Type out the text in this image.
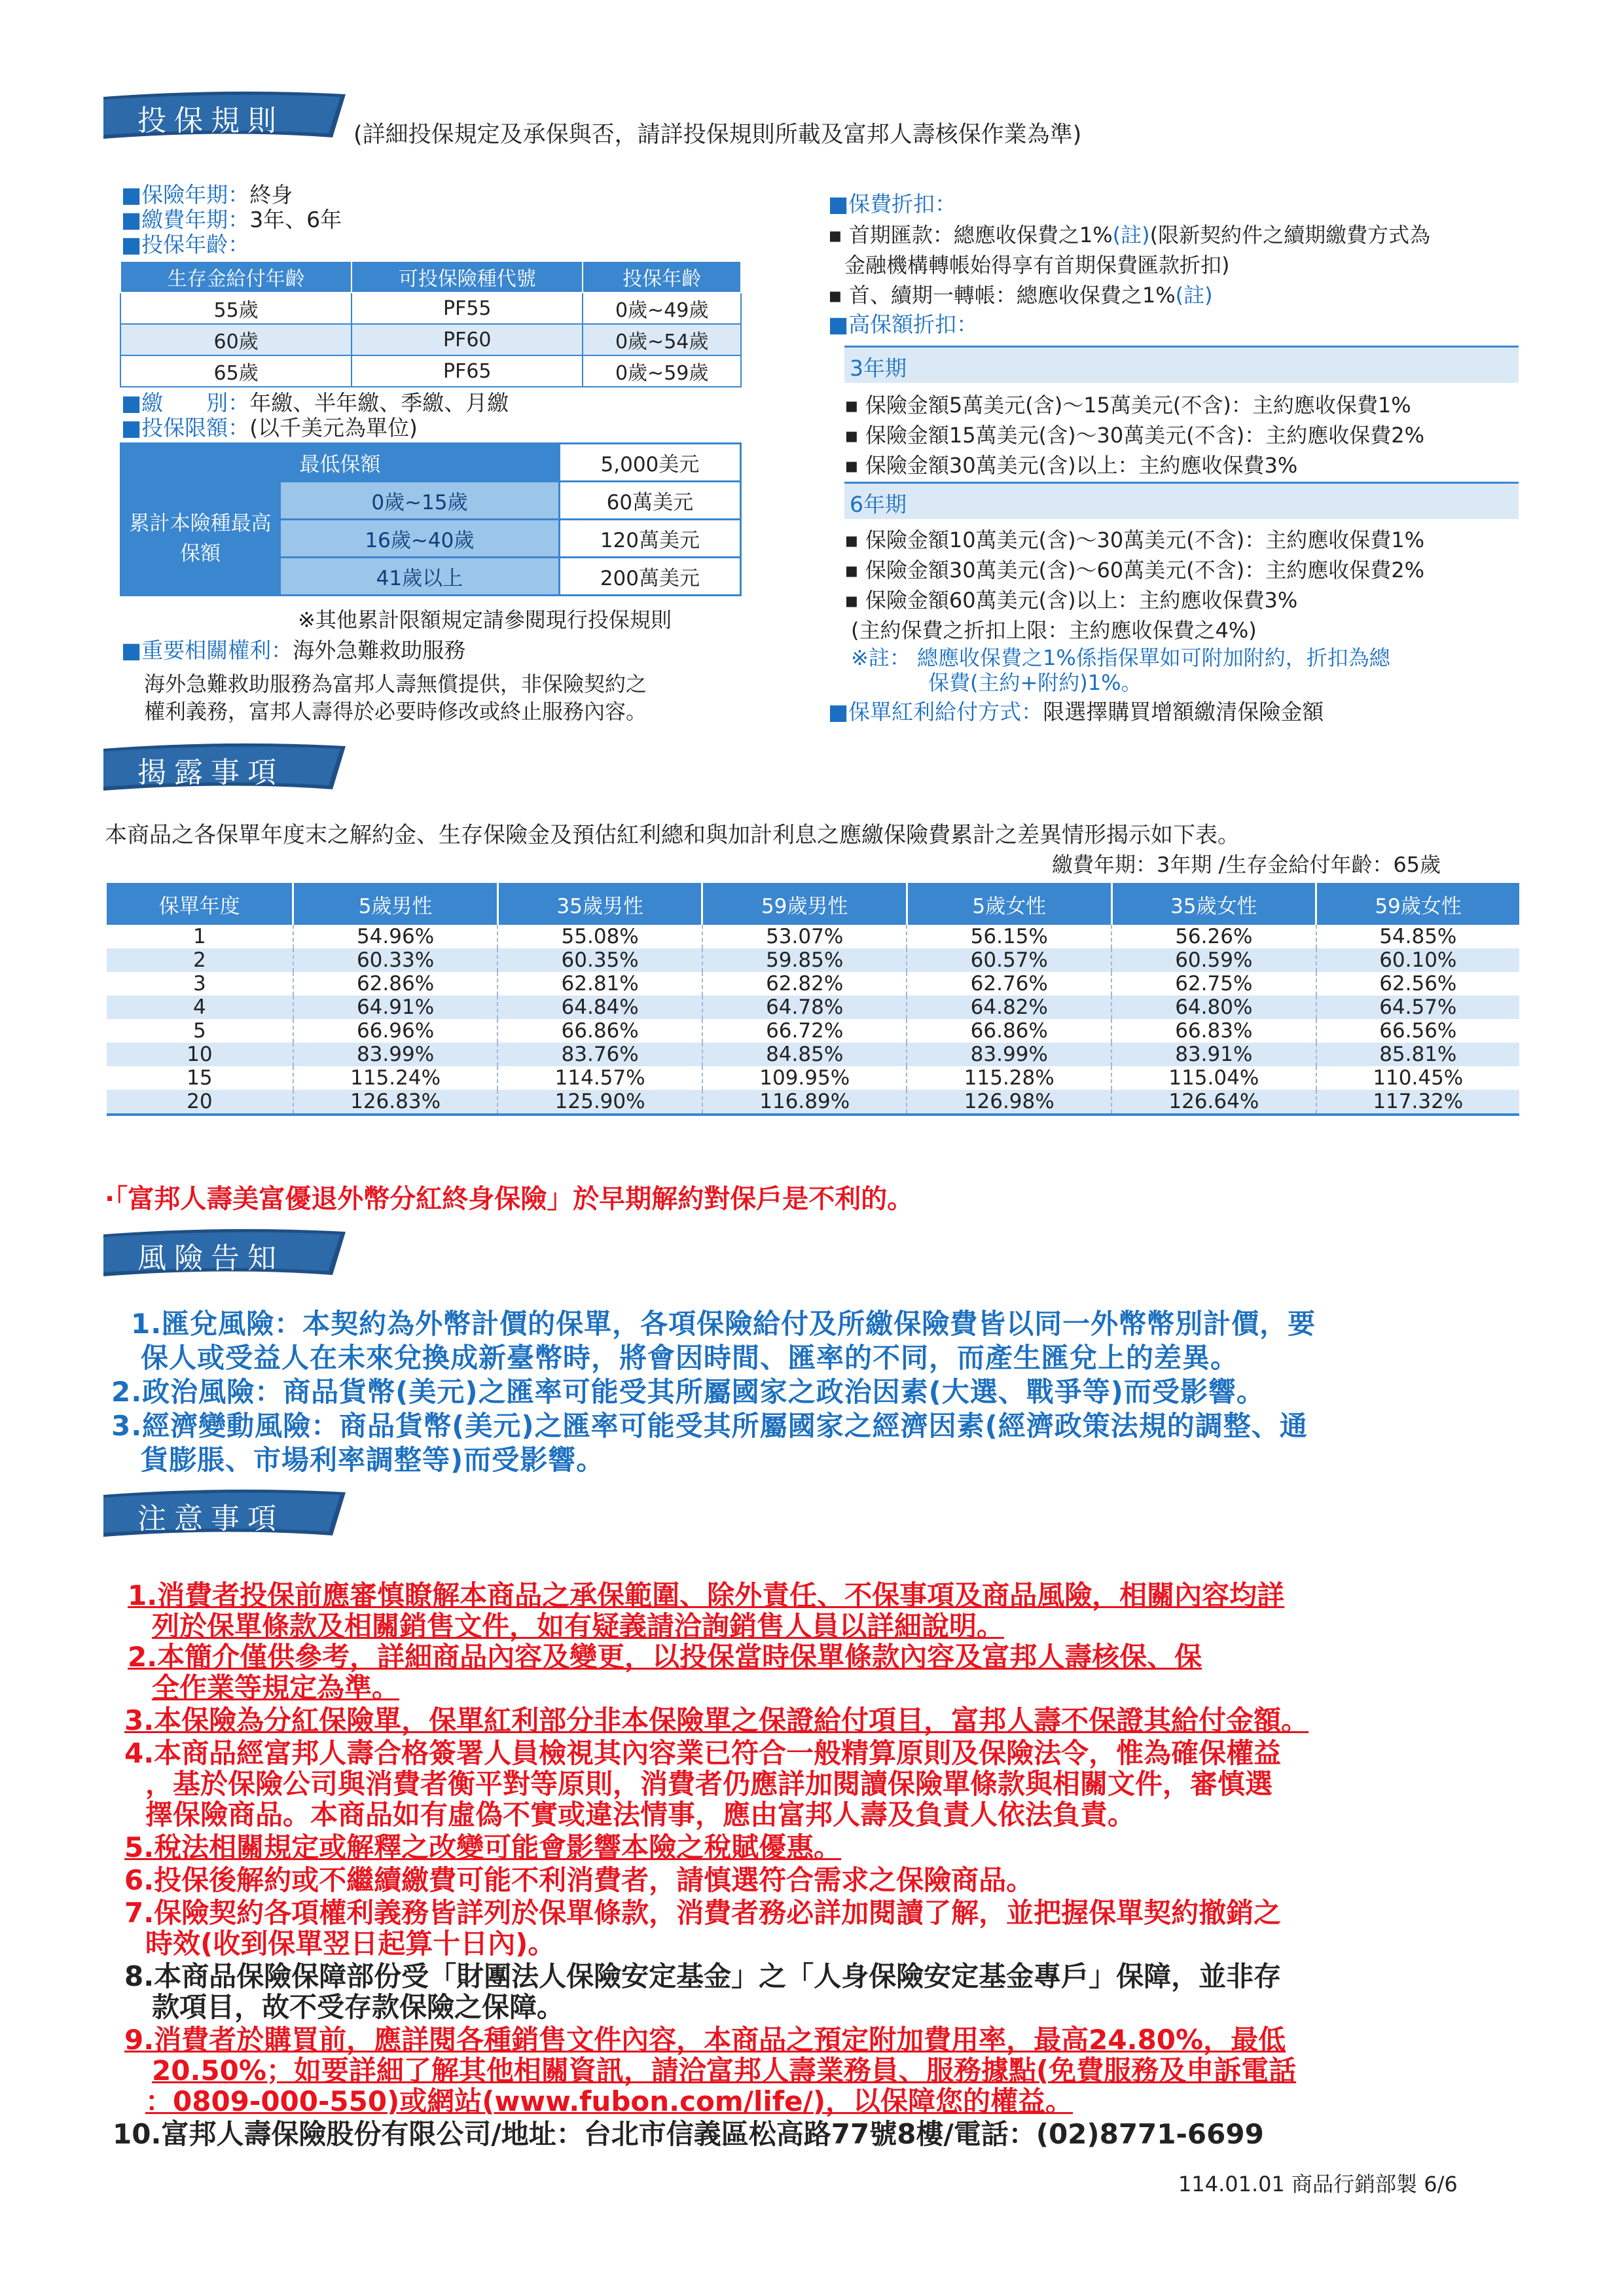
投保規則	(詳細投保規定及承保與否，請詳投保規則所載及富邦人壽核保作業為準)
■保險年期：終身
■繳費年期：3年、6年
■投保年齡：
生存金給付年齡	可投保險種代號	投保年齡
55歲	PF55	0歲~49歲
60歲	PF60	0歲~54歲
65歲	PF65	0歲~59歲
■繳　　別：年繳、半年繳、季繳、月繳
■投保限額：(以千美元為單位)
最低保額		5,000美元
累計本險種最高保額	0歲~15歲	60萬美元
	16歲~40歲	120萬美元
	41歲以上	200萬美元
※其他累計限額規定請參閱現行投保規則
■重要相關權利：海外急難救助服務
海外急難救助服務為富邦人壽無償提供，非保險契約之
權利義務，富邦人壽得於必要時修改或終止服務內容。
■保費折扣：
▪ 首期匯款：總應收保費之1%(註)(限新契約件之續期繳費方式為
金融機構轉帳始得享有首期保費匯款折扣)
▪ 首、續期一轉帳：總應收保費之1%(註)
■高保額折扣：
3年期
▪ 保險金額5萬美元(含)～15萬美元(不含)：主約應收保費1%
▪ 保險金額15萬美元(含)～30萬美元(不含)：主約應收保費2%
▪ 保險金額30萬美元(含)以上：主約應收保費3%
6年期
▪ 保險金額10萬美元(含)～30萬美元(不含)：主約應收保費1%
▪ 保險金額30萬美元(含)～60萬美元(不含)：主約應收保費2%
▪ 保險金額60萬美元(含)以上：主約應收保費3%
(主約保費之折扣上限：主約應收保費之4%)
※註： 總應收保費之1%係指保單如可附加附約，折扣為總
保費(主約+附約)1%。
■保單紅利給付方式：限選擇購買增額繳清保險金額
揭露事項
本商品之各保單年度末之解約金、生存保險金及預估紅利總和與加計利息之應繳保險費累計之差異情形揭示如下表。
繳費年期：3年期 /生存金給付年齡：65歲
保單年度	5歲男性	35歲男性	59歲男性	5歲女性	35歲女性	59歲女性
1	54.96%	55.08%	53.07%	56.15%	56.26%	54.85%
2	60.33%	60.35%	59.85%	60.57%	60.59%	60.10%
3	62.86%	62.81%	62.82%	62.76%	62.75%	62.56%
4	64.91%	64.84%	64.78%	64.82%	64.80%	64.57%
5	66.96%	66.86%	66.72%	66.86%	66.83%	66.56%
10	83.99%	83.76%	84.85%	83.99%	83.91%	85.81%
15	115.24%	114.57%	109.95%	115.28%	115.04%	110.45%
20	126.83%	125.90%	116.89%	126.98%	126.64%	117.32%
·「富邦人壽美富優退外幣分紅終身保險」於早期解約對保戶是不利的。
風險告知
1.匯兌風險：本契約為外幣計價的保單，各項保險給付及所繳保險費皆以同一外幣幣別計價，要
保人或受益人在未來兌換成新臺幣時，將會因時間、匯率的不同，而產生匯兌上的差異。
2.政治風險：商品貨幣(美元)之匯率可能受其所屬國家之政治因素(大選、戰爭等)而受影響。
3.經濟變動風險：商品貨幣(美元)之匯率可能受其所屬國家之經濟因素(經濟政策法規的調整、通
貨膨脹、市場利率調整等)而受影響。
注意事項
1.消費者投保前應審慎瞭解本商品之承保範圍、除外責任、不保事項及商品風險，相關內容均詳
列於保單條款及相關銷售文件，如有疑義請洽詢銷售人員以詳細說明。
2.本簡介僅供參考，詳細商品內容及變更，以投保當時保單條款內容及富邦人壽核保、保
全作業等規定為準。
3.本保險為分紅保險單，保單紅利部分非本保險單之保證給付項目，富邦人壽不保證其給付金額。
4.本商品經富邦人壽合格簽署人員檢視其內容業已符合一般精算原則及保險法令，惟為確保權益
，基於保險公司與消費者衡平對等原則，消費者仍應詳加閱讀保險單條款與相關文件，審慎選
擇保險商品。本商品如有虛偽不實或違法情事，應由富邦人壽及負責人依法負責。
5.稅法相關規定或解釋之改變可能會影響本險之稅賦優惠。
6.投保後解約或不繼續繳費可能不利消費者，請慎選符合需求之保險商品。
7.保險契約各項權利義務皆詳列於保單條款，消費者務必詳加閱讀了解，並把握保單契約撤銷之
時效(收到保單翌日起算十日內)。
8.本商品保險保障部份受「財團法人保險安定基金」之「人身保險安定基金專戶」保障，並非存
款項目，故不受存款保險之保障。
9.消費者於購買前，應詳閱各種銷售文件內容，本商品之預定附加費用率，最高24.80%，最低
20.50%；如要詳細了解其他相關資訊，請洽富邦人壽業務員、服務據點(免費服務及申訴電話
：0809-000-550)或網站(www.fubon.com/life/)，以保障您的權益。
10.富邦人壽保險股份有限公司/地址：台北市信義區松高路77號8樓/電話：(02)8771-6699
114.01.01 商品行銷部製 6/6
